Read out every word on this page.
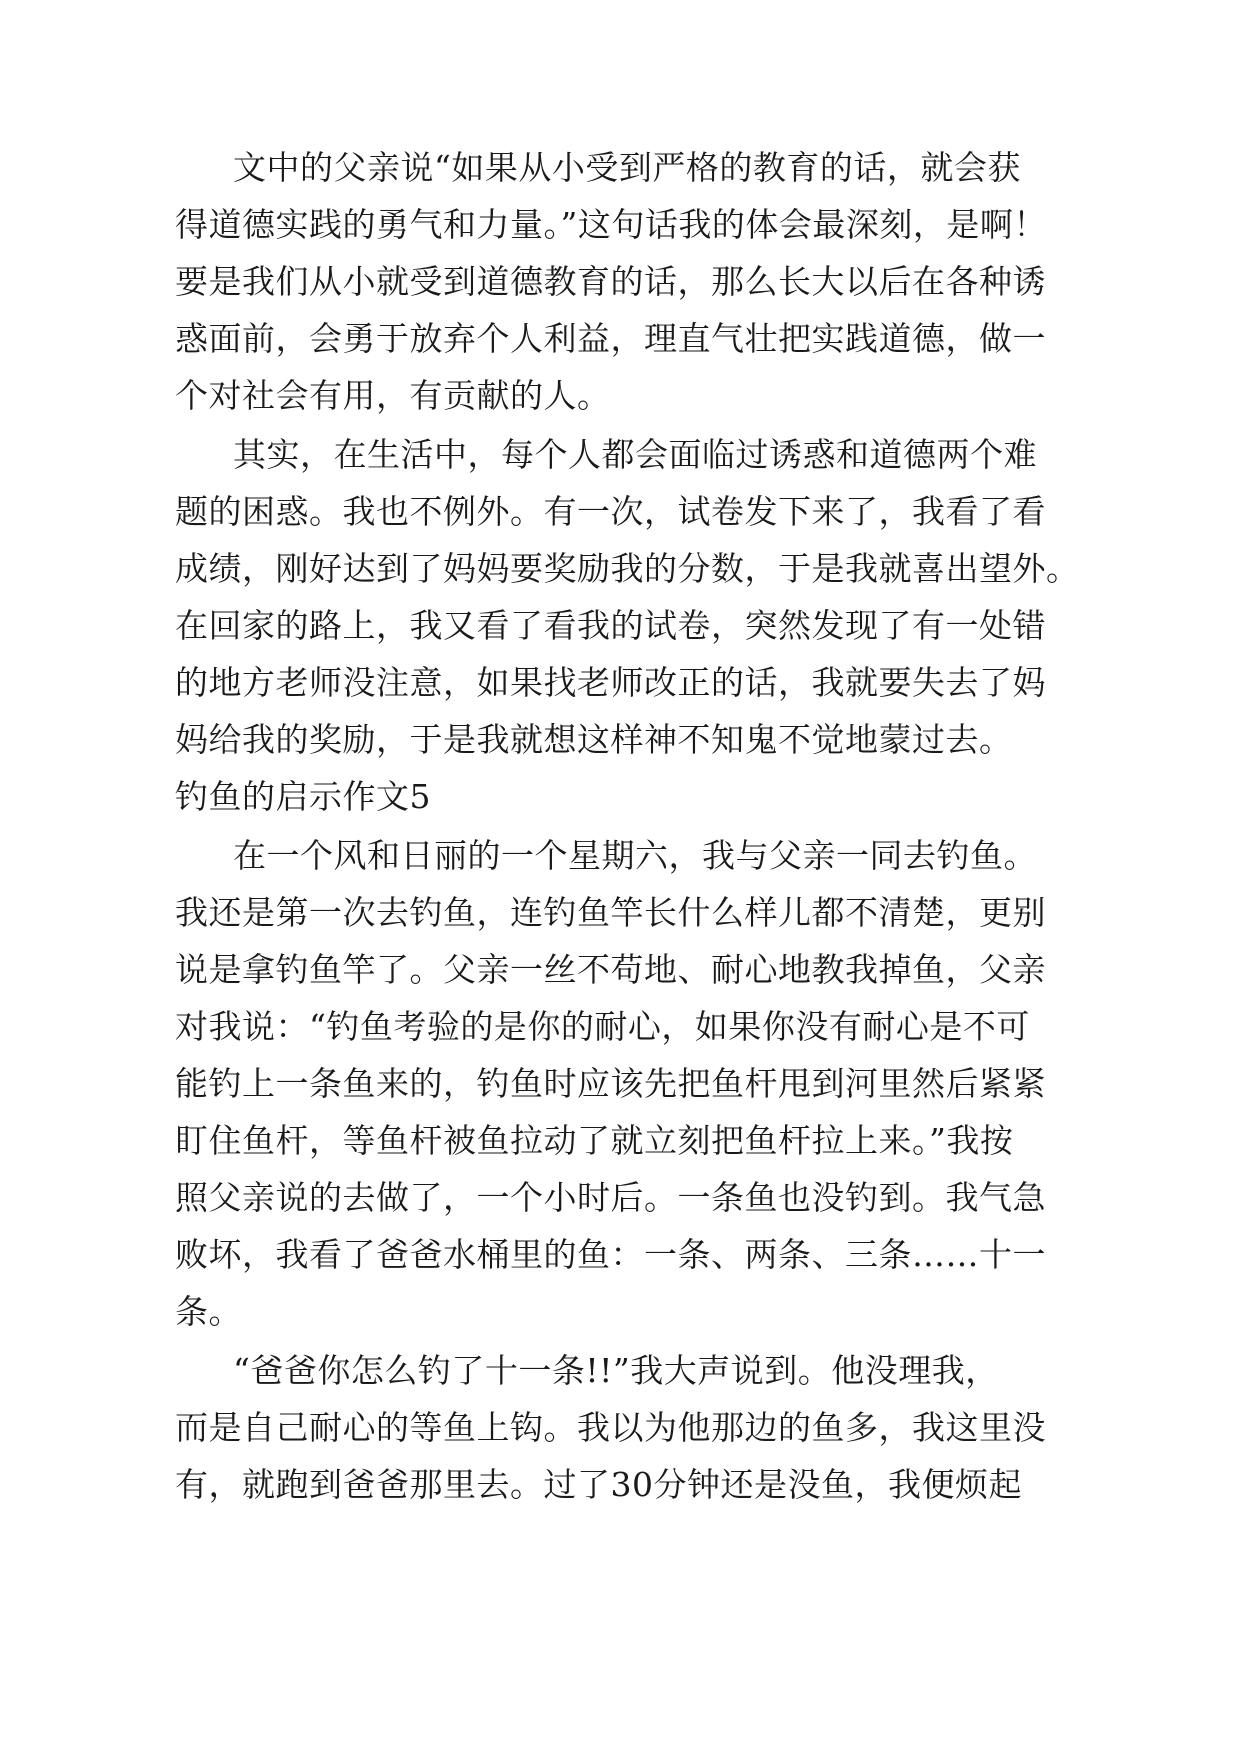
文中的父亲说“如果从小受到严格的教育的话，就会获
得道德实践的勇气和力量。”这句话我的体会最深刻，是啊！
要是我们从小就受到道德教育的话，那么长大以后在各种诱
惑面前，会勇于放弃个人利益，理直气壮把实践道德，做一
个对社会有用，有贡献的人。
其实，在生活中，每个人都会面临过诱惑和道德两个难
题的困惑。我也不例外。有一次，试卷发下来了，我看了看
成绩，刚好达到了妈妈要奖励我的分数，于是我就喜出望外。
在回家的路上，我又看了看我的试卷，突然发现了有一处错
的地方老师没注意，如果找老师改正的话，我就要失去了妈
妈给我的奖励，于是我就想这样神不知鬼不觉地蒙过去。
钓鱼的启示作文5
在一个风和日丽的一个星期六，我与父亲一同去钓鱼。
我还是第一次去钓鱼，连钓鱼竿长什么样儿都不清楚，更别
说是拿钓鱼竿了。父亲一丝不苟地、耐心地教我掉鱼，父亲
对我说：“钓鱼考验的是你的耐心，如果你没有耐心是不可
能钓上一条鱼来的，钓鱼时应该先把鱼杆甩到河里然后紧紧
盯住鱼杆，等鱼杆被鱼拉动了就立刻把鱼杆拉上来。”我按
照父亲说的去做了，一个小时后。一条鱼也没钓到。我气急
败坏，我看了爸爸水桶里的鱼：一条、两条、三条……十一
条。
“爸爸你怎么钓了十一条!!”我大声说到。他没理我，
而是自己耐心的等鱼上钩。我以为他那边的鱼多，我这里没
有，就跑到爸爸那里去。过了30分钟还是没鱼，我便烦起
